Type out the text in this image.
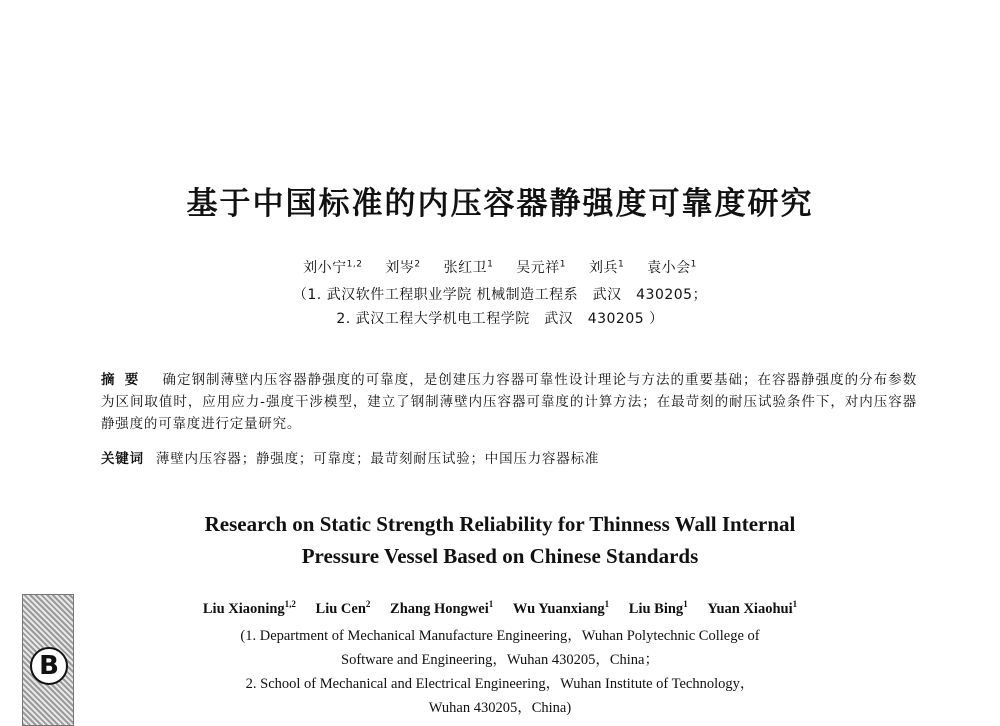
基于中国标准的内压容器静强度可靠度研究
刘小宁$^{1,2}$ 刘岑$^2$ 张红卫$^1$ 吴元祥$^1$ 刘兵$^1$ 袁小会$^1$
（1. 武汉软件工程职业学院 机械制造工程系　武汉　430205；
2. 武汉工程大学机电工程学院　武汉　430205 ）
摘要 确定钢制薄壁内压容器静强度的可靠度，是创建压力容器可靠性设计理论与方法的重要基础；在容器静强度的分布参数为区间取值时，应用应力-强度干涉模型，建立了钢制薄壁内压容器可靠度的计算方法；在最苛刻的耐压试验条件下，对内压容器静强度的可靠度进行定量研究。
关键词 薄壁内压容器；静强度；可靠度；最苛刻耐压试验；中国压力容器标准
Research on Static Strength Reliability for Thinness Wall Internal
Pressure Vessel Based on Chinese Standards
Liu Xiaoning$^{1,2}$ Liu Cen$^2$ Zhang Hongwei$^1$ Wu Yuanxiang$^1$ Liu Bing$^1$ Yuan Xiaohui$^1$
(1. Department of Mechanical Manufacture Engineering，Wuhan Polytechnic College of
Software and Engineering，Wuhan 430205，China；
2. School of Mechanical and Electrical Engineering，Wuhan Institute of Technology，
Wuhan 430205，China)
B
